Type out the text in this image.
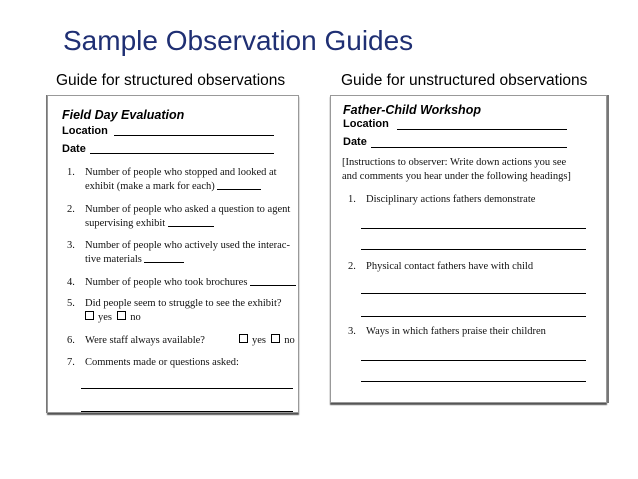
Sample Observation Guides
Guide for structured observations	Guide for unstructured observations
Field Day Evaluation
Location
Date
1. Number of people who stopped and looked at
exhibit (make a mark for each)
2. Number of people who asked a question to agent
supervising exhibit
3. Number of people who actively used the interac-
tive materials
4. Number of people who took brochures
5. Did people seem to struggle to see the exhibit?
yes no
6. Were staff always available?	yes no
7. Comments made or questions asked:
Father-Child Workshop
Location
Date
[Instructions to observer: Write down actions you see
and comments you hear under the following headings]
1. Disciplinary actions fathers demonstrate
2. Physical contact fathers have with child
3. Ways in which fathers praise their children
